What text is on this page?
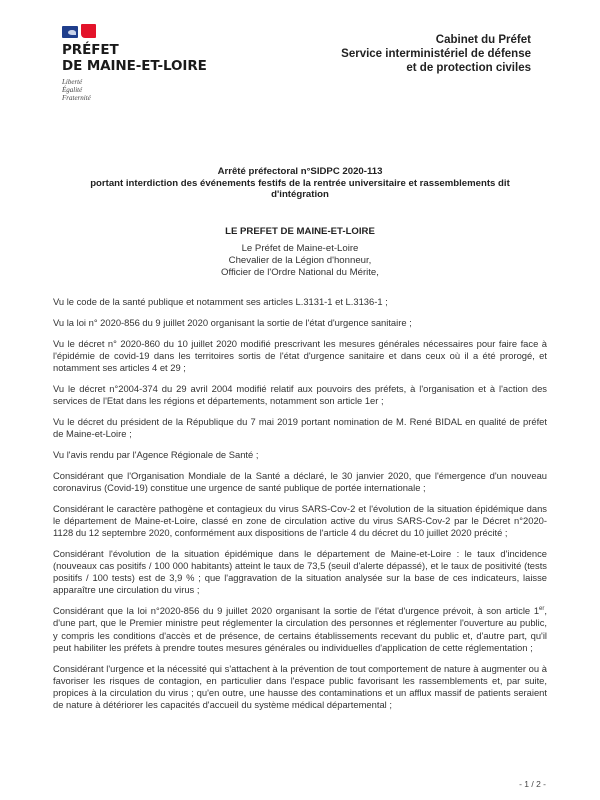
PRÉFET
DE MAINE-ET-LOIRE
Liberté
Égalité
Fraternité
Cabinet du Préfet
Service interministériel de défense
et de protection civiles
Arrêté préfectoral n°SIDPC 2020-113
portant interdiction des événements festifs de la rentrée universitaire et rassemblements dit
d'intégration
LE PREFET DE MAINE-ET-LOIRE
Le Préfet de Maine-et-Loire
Chevalier de la Légion d'honneur,
Officier de l'Ordre National du Mérite,

Vu le code de la santé publique et notamment ses articles L.3131-1 et L.3136-1 ;

Vu la loi n° 2020-856 du 9 juillet 2020 organisant la sortie de l'état d'urgence sanitaire ;

Vu le décret n° 2020-860 du 10 juillet 2020 modifié prescrivant les mesures générales nécessaires pour faire face à l'épidémie de covid-19 dans les territoires sortis de l'état d'urgence sanitaire et dans ceux où il a été prorogé, et notamment ses articles 4 et 29 ;

Vu le décret n°2004-374 du 29 avril 2004 modifié relatif aux pouvoirs des préfets, à l'organisation et à l'action des services de l'Etat dans les régions et départements, notamment son article 1er ;

Vu le décret du président de la République du 7 mai 2019 portant nomination de M. René BIDAL en qualité de préfet de Maine-et-Loire ;

Vu l'avis rendu par l'Agence Régionale de Santé ;

Considérant que l'Organisation Mondiale de la Santé a déclaré, le 30 janvier 2020, que l'émergence d'un nouveau coronavirus (Covid-19) constitue une urgence de santé publique de portée internationale ;

Considérant le caractère pathogène et contagieux du virus SARS-Cov-2 et l'évolution de la situation épidémique dans le département de Maine-et-Loire, classé en zone de circulation active du virus SARS-Cov-2 par le Décret n°2020-1128 du 12 septembre 2020, conformément aux dispositions de l'article 4 du décret du 10 juillet 2020 précité ;

Considérant l'évolution de la situation épidémique dans le département de Maine-et-Loire : le taux d'incidence (nouveaux cas positifs / 100 000 habitants) atteint le taux de 73,5 (seuil d'alerte dépassé), et le taux de positivité (tests positifs / 100 tests) est de 3,9 % ; que l'aggravation de la situation analysée sur la base de ces indicateurs, laisse apparaître une circulation du virus ;

Considérant que la loi n°2020-856 du 9 juillet 2020 organisant la sortie de l'état d'urgence prévoit, à son article 1er, d'une part, que le Premier ministre peut réglementer la circulation des personnes et réglementer l'ouverture au public, y compris les conditions d'accès et de présence, de certains établissements recevant du public et, d'autre part, qu'il peut habiliter les préfets à prendre toutes mesures générales ou individuelles d'application de cette réglementation ;

Considérant l'urgence et la nécessité qui s'attachent à la prévention de tout comportement de nature à augmenter ou à favoriser les risques de contagion, en particulier dans l'espace public favorisant les rassemblements et, par suite, propices à la circulation du virus ; qu'en outre, une hausse des contaminations et un afflux massif de patients seraient de nature à détériorer les capacités d'accueil du système médical départemental ;

- 1 / 2 -
